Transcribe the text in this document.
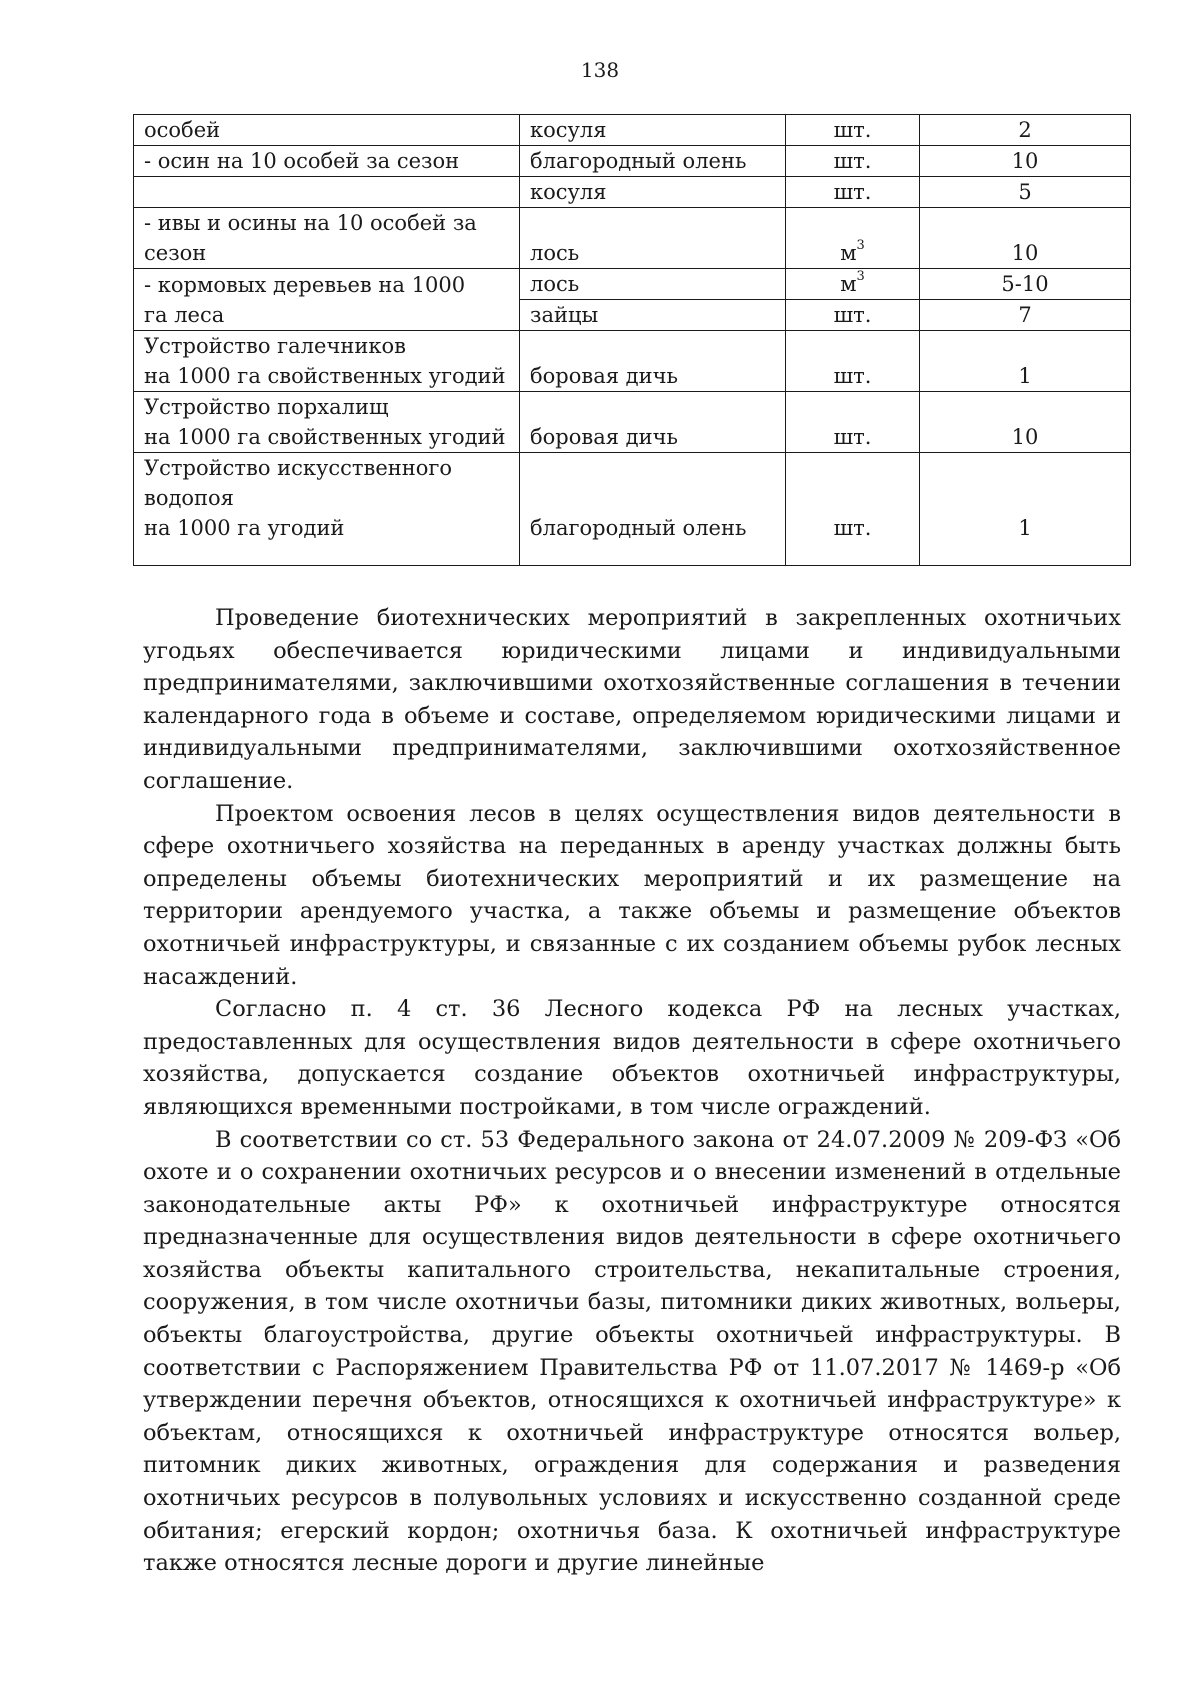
138
особей	косуля	шт.	2
- осин на 10 особей за сезон	благородный олень	шт.	10
	косуля	шт.	5

- ивы и осины на 10 особей за
сезон	лось	$м^3$	10

- кормовых деревьев на 1000
га леса	лось	$м^3$	5-10
	зайцы	шт.	7

Устройство галечников
на 1000 га свойственных угодий	боровая дичь	шт.	1

Устройство порхалищ
на 1000 га свойственных угодий	боровая дичь	шт.	10

Устройство искусственного
водопоя
на 1000 га угодий	благородный олень	шт.	1

Проведение биотехнических мероприятий в закрепленных охотничьих угодьях обеспечивается юридическими лицами и индивидуальными предпринимателями, заключившими охотхозяйственные соглашения в течении календарного года в объеме и составе, определяемом юридическими лицами и индивидуальными предпринимателями, заключившими охотхозяйственное соглашение.

Проектом освоения лесов в целях осуществления видов деятельности в сфере охотничьего хозяйства на переданных в аренду участках должны быть определены объемы биотехнических мероприятий и их размещение на территории арендуемого участка, а также объемы и размещение объектов охотничьей инфраструктуры, и связанные с их созданием объемы рубок лесных насаждений.

Согласно п. 4 ст. 36 Лесного кодекса РФ на лесных участках, предоставленных для осуществления видов деятельности в сфере охотничьего хозяйства, допускается создание объектов охотничьей инфраструктуры, являющихся временными постройками, в том числе ограждений.

В соответствии со ст. 53 Федерального закона от 24.07.2009 № 209-ФЗ «Об охоте и о сохранении охотничьих ресурсов и о внесении изменений в отдельные законодательные акты РФ» к охотничьей инфраструктуре относятся предназначенные для осуществления видов деятельности в сфере охотничьего хозяйства объекты капитального строительства, некапитальные строения, сооружения, в том числе охотничьи базы, питомники диких животных, вольеры, объекты благоустройства, другие объекты охотничьей инфраструктуры. В соответствии с Распоряжением Правительства РФ от 11.07.2017 № 1469-р «Об утверждении перечня объектов, относящихся к охотничьей инфраструктуре» к объектам, относящихся к охотничьей инфраструктуре относятся вольер, питомник диких животных, ограждения для содержания и разведения охотничьих ресурсов в полувольных условиях и искусственно созданной среде обитания; егерский кордон; охотничья база. К охотничьей инфраструктуре также относятся лесные дороги и другие линейные
